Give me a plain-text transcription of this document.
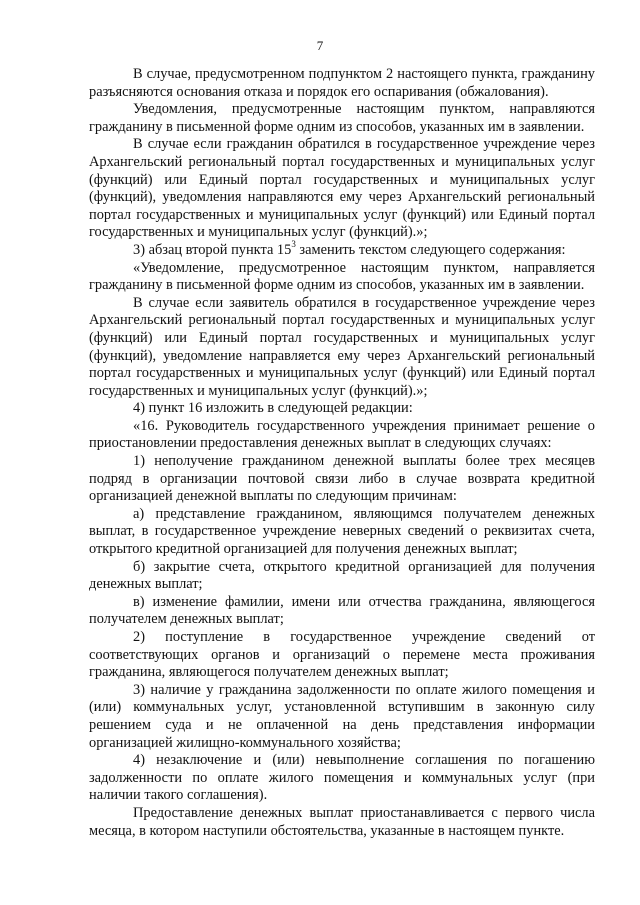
7

В случае, предусмотренном подпунктом 2 настоящего пункта, гражданину разъясняются основания отказа и порядок его оспаривания (обжалования).

Уведомления, предусмотренные настоящим пунктом, направляются гражданину в письменной форме одним из способов, указанных им в заявлении.

В случае если гражданин обратился в государственное учреждение через Архангельский региональный портал государственных и муниципальных услуг (функций) или Единый портал государственных и муниципальных услуг (функций), уведомления направляются ему через Архангельский региональный портал государственных и муниципальных услуг (функций) или Единый портал государственных и муниципальных услуг (функций).»;

3) абзац второй пункта $15^3$ заменить текстом следующего содержания:

«Уведомление, предусмотренное настоящим пунктом, направляется гражданину в письменной форме одним из способов, указанных им в заявлении.

В случае если заявитель обратился в государственное учреждение через Архангельский региональный портал государственных и муниципальных услуг (функций) или Единый портал государственных и муниципальных услуг (функций), уведомление направляется ему через Архангельский региональный портал государственных и муниципальных услуг (функций) или Единый портал государственных и муниципальных услуг (функций).»;

4) пункт 16 изложить в следующей редакции:

«16. Руководитель государственного учреждения принимает решение о приостановлении предоставления денежных выплат в следующих случаях:

1) неполучение гражданином денежной выплаты более трех месяцев подряд в организации почтовой связи либо в случае возврата кредитной организацией денежной выплаты по следующим причинам:

а) представление гражданином, являющимся получателем денежных выплат, в государственное учреждение неверных сведений о реквизитах счета, открытого кредитной организацией для получения денежных выплат;

б) закрытие счета, открытого кредитной организацией для получения денежных выплат;

в) изменение фамилии, имени или отчества гражданина, являющегося получателем денежных выплат;

2) поступление в государственное учреждение сведений от соответствующих органов и организаций о перемене места проживания гражданина, являющегося получателем денежных выплат;

3) наличие у гражданина задолженности по оплате жилого помещения и (или) коммунальных услуг, установленной вступившим в законную силу решением суда и не оплаченной на день представления информации организацией жилищно-коммунального хозяйства;

4) незаключение и (или) невыполнение соглашения по погашению задолженности по оплате жилого помещения и коммунальных услуг (при наличии такого соглашения).

Предоставление денежных выплат приостанавливается с первого числа месяца, в котором наступили обстоятельства, указанные в настоящем пункте.
